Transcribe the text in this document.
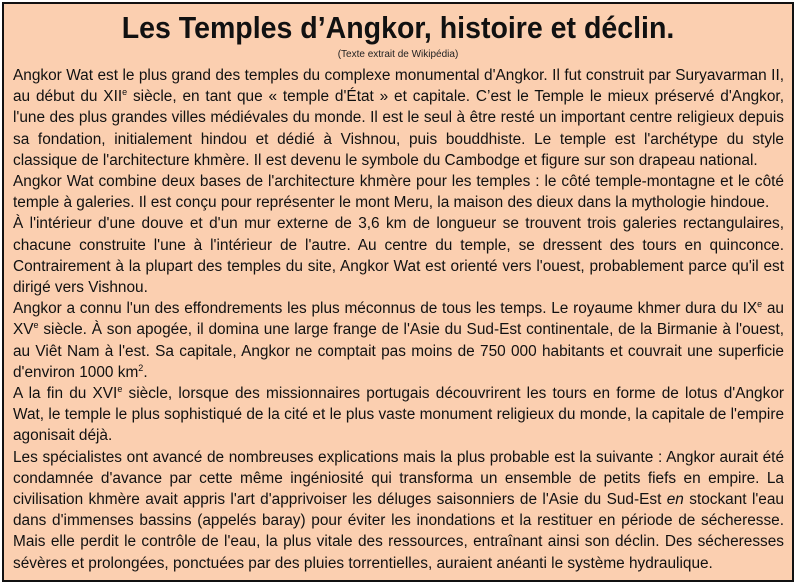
Les Temples d’Angkor, histoire et déclin.
(Texte extrait de Wikipédia)

Angkor Wat est le plus grand des temples du complexe monumental d'Angkor. Il fut construit par Suryavarman II, au début du XIIe siècle, en tant que « temple d'État » et capitale. C’est le Temple le mieux préservé d'Angkor, l'une des plus grandes villes médiévales du monde. Il est le seul à être resté un important centre religieux depuis sa fondation, initialement hindou et dédié à Vishnou, puis bouddhiste. Le temple est l'archétype du style classique de l'architecture khmère. Il est devenu le symbole du Cambodge et figure sur son drapeau national.

Angkor Wat combine deux bases de l'architecture khmère pour les temples : le côté temple-montagne et le côté temple à galeries. Il est conçu pour représenter le mont Meru, la maison des dieux dans la mythologie hindoue.

À l'intérieur d'une douve et d'un mur externe de 3,6 km de longueur se trouvent trois galeries rectangulaires, chacune construite l'une à l'intérieur de l'autre. Au centre du temple, se dressent des tours en quinconce. Contrairement à la plupart des temples du site, Angkor Wat est orienté vers l'ouest, probablement parce qu'il est dirigé vers Vishnou.

Angkor a connu l'un des effondrements les plus méconnus de tous les temps. Le royaume khmer dura du IXe au XVe siècle. À son apogée, il domina une large frange de l'Asie du Sud-Est continentale, de la Birmanie à l'ouest, au Viêt Nam à l'est. Sa capitale, Angkor ne comptait pas moins de 750 000 habitants et couvrait une superficie d'environ 1000 $km^2$.

A la fin du XVIe siècle, lorsque des missionnaires portugais découvrirent les tours en forme de lotus d'Angkor Wat, le temple le plus sophistiqué de la cité et le plus vaste monument religieux du monde, la capitale de l'empire agonisait déjà.

Les spécialistes ont avancé de nombreuses explications mais la plus probable est la suivante : Angkor aurait été condamnée d'avance par cette même ingéniosité qui transforma un ensemble de petits fiefs en empire. La civilisation khmère avait appris l'art d'apprivoiser les déluges saisonniers de l'Asie du Sud-Est en stockant l'eau dans d'immenses bassins (appelés baray) pour éviter les inondations et la restituer en période de sécheresse. Mais elle perdit le contrôle de l'eau, la plus vitale des ressources, entraînant ainsi son déclin. Des sécheresses sévères et prolongées, ponctuées par des pluies torrentielles, auraient anéanti le système hydraulique.
